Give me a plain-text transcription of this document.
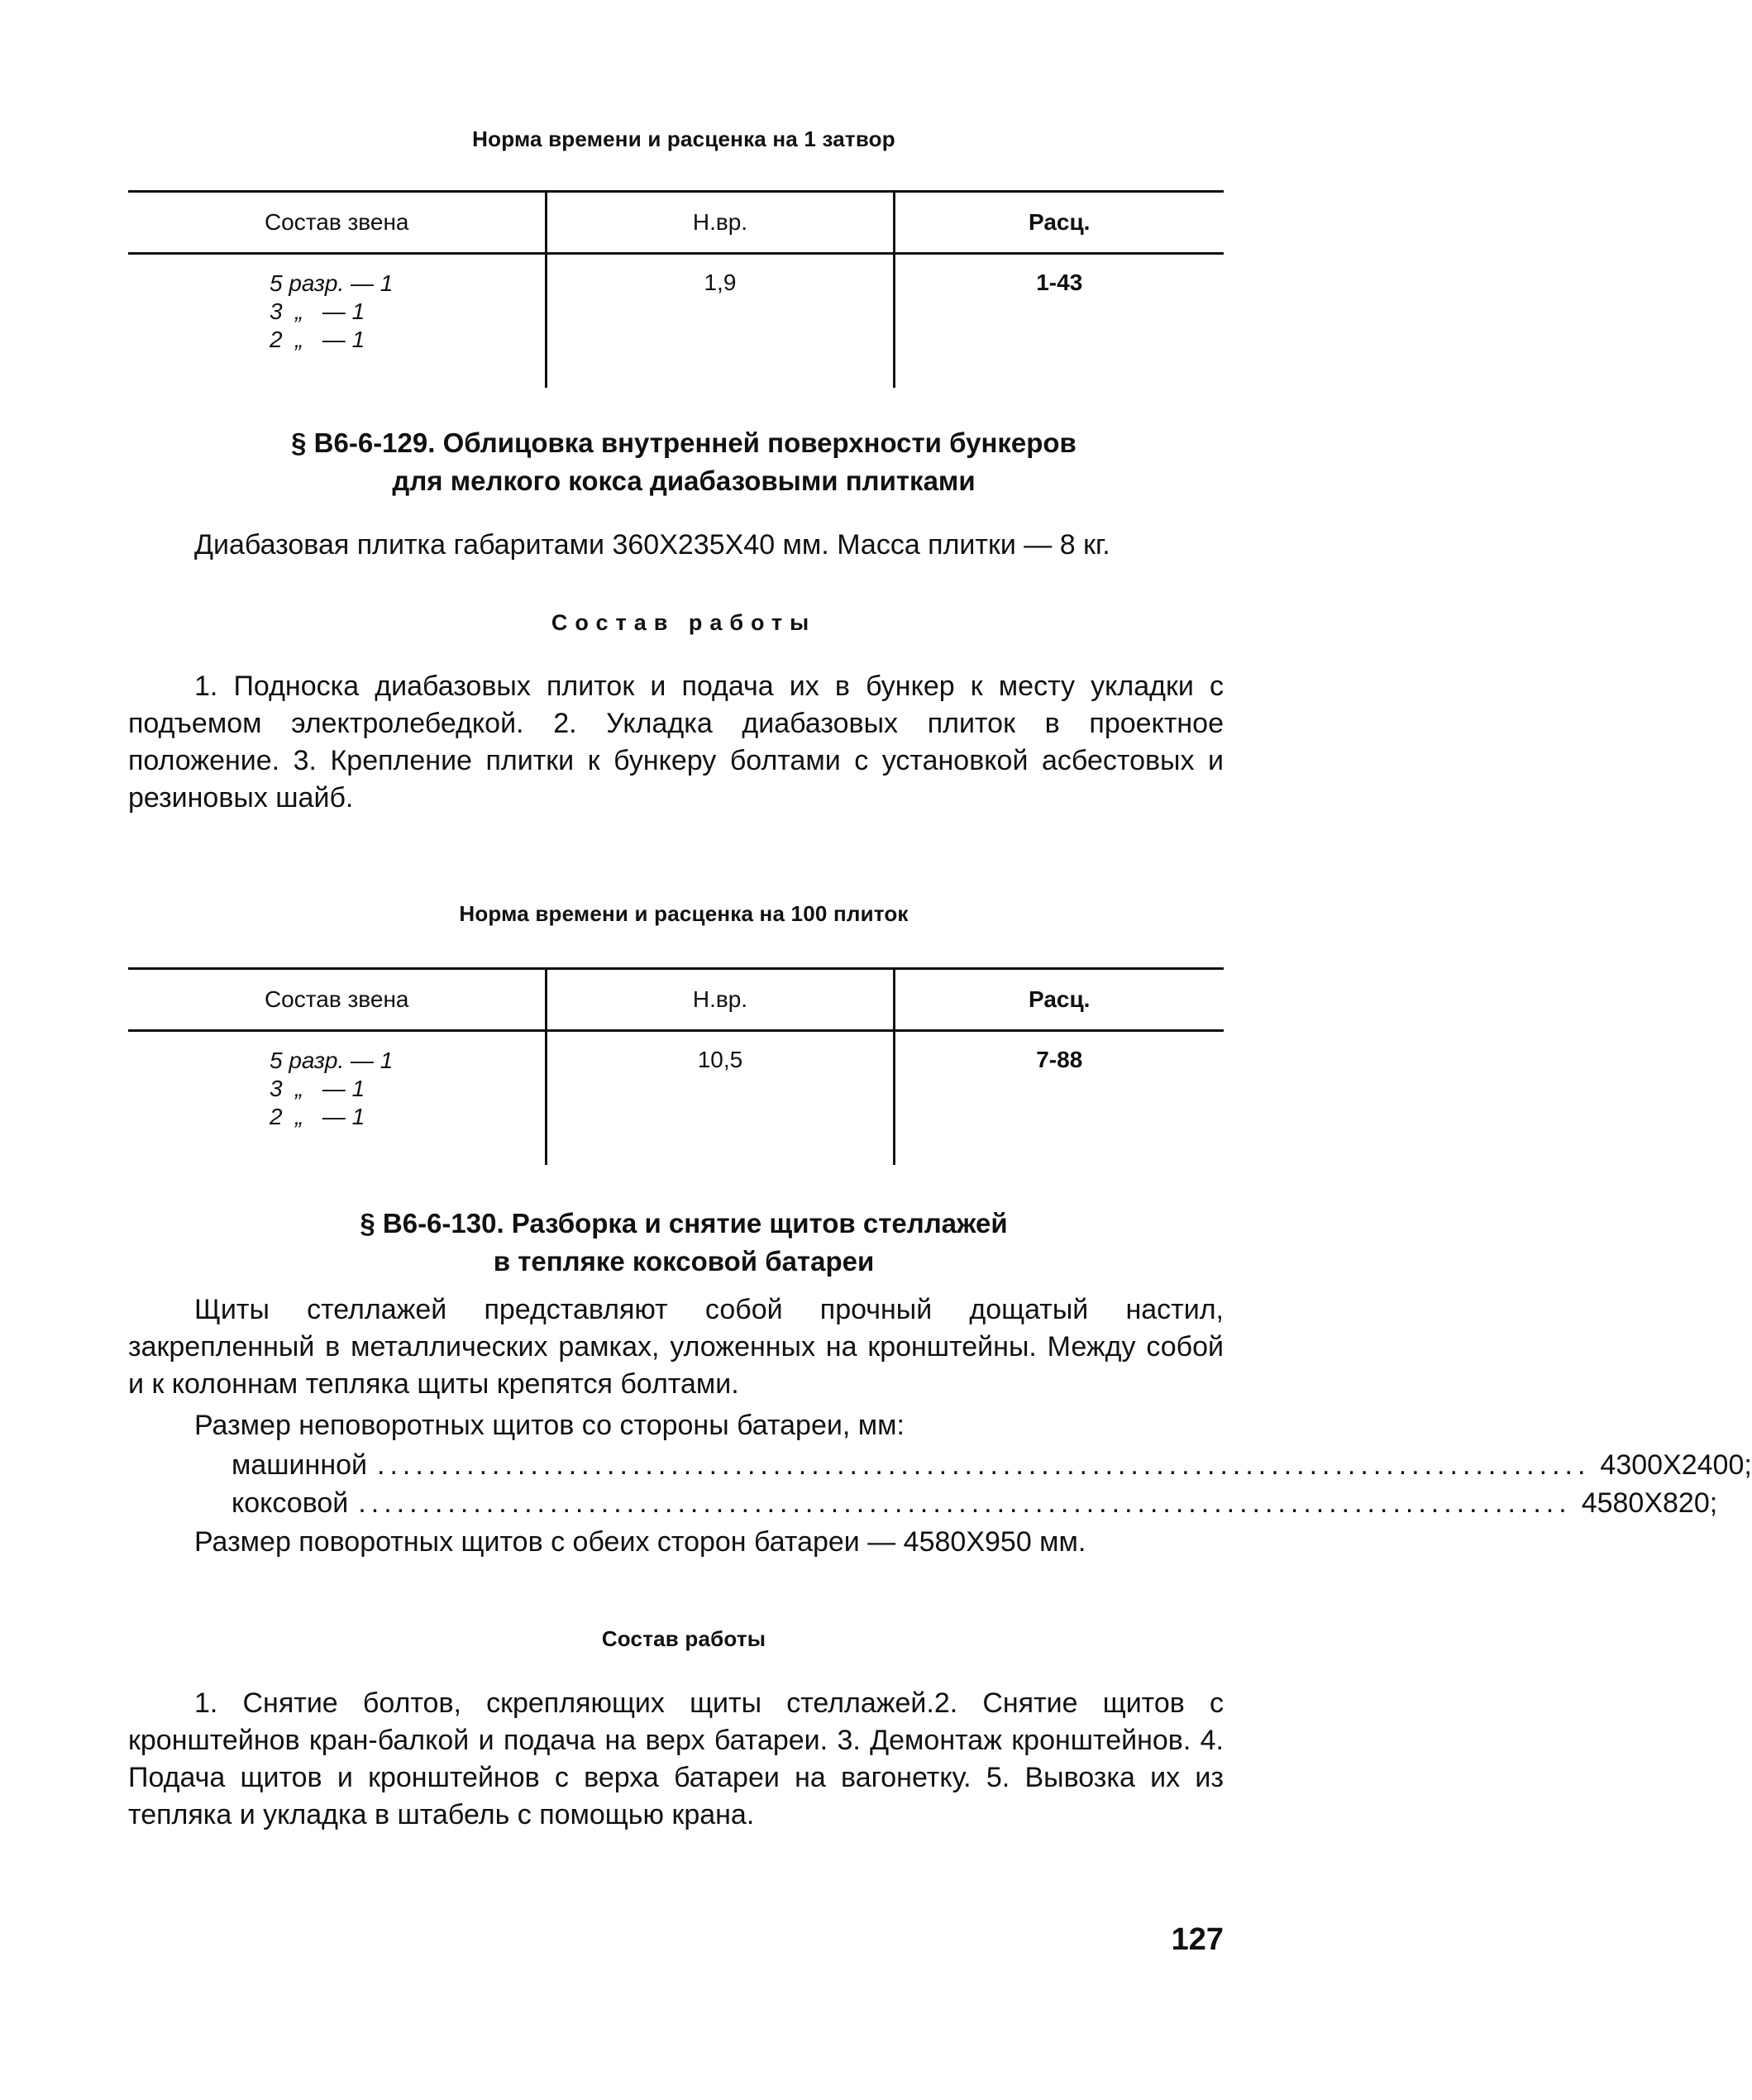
Норма времени и расценка на 1 затвор
Состав звена	Н.вр.	Расц.

5 разр. — 1
3  „   — 1
2  „   — 1	1,9	1-43
§ В6-6-129. Облицовка внутренней поверхности бункеров
для мелкого кокса диабазовыми плитками
Диабазовая плитка габаритами 360X235X40 мм. Масса плитки — 8 кг.
Состав работы
1. Подноска диабазовых плиток и подача их в бункер к месту укладки с подъемом электролебедкой. 2. Укладка диабазовых плиток в проектное положение. 3. Крепление плитки к бункеру болтами с установкой асбестовых и резиновых шайб.
Норма времени и расценка на 100 плиток
Состав звена	Н.вр.	Расц.

5 разр. — 1
3  „   — 1
2  „   — 1	10,5	7-88
§ В6-6-130. Разборка и снятие щитов стеллажей
в тепляке коксовой батареи
Щиты стеллажей представляют собой прочный дощатый настил, закрепленный в металлических рамках, уложенных на кронштейны. Между собой и к колоннам тепляка щиты крепятся болтами.
Размер неповоротных щитов со стороны батареи, мм:
машинной ............................................................................................... 4300X2400;
коксовой ............................................................................................... 4580X820;
Размер поворотных щитов с обеих сторон батареи — 4580X950 мм.
Состав работы
1. Снятие болтов, скрепляющих щиты стеллажей.2. Снятие щитов с кронштейнов кран-балкой и подача на верх батареи. 3. Демонтаж кронштейнов. 4. Подача щитов и кронштейнов с верха батареи на вагонетку. 5. Вывозка их из тепляка и укладка в штабель с помощью крана.
127
